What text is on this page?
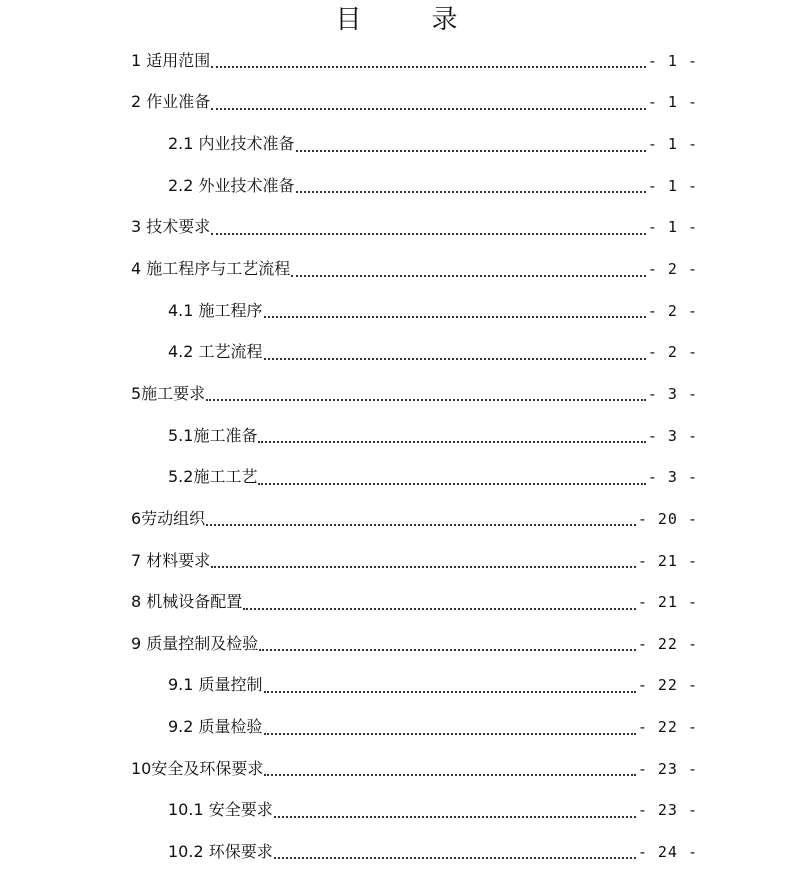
目　录
1 适用范围	- 1 -
2 作业准备	- 1 -
2.1 内业技术准备	- 1 -
2.2 外业技术准备	- 1 -
3 技术要求	- 1 -
4 施工程序与工艺流程	- 2 -
4.1 施工程序	- 2 -
4.2 工艺流程	- 2 -
5施工要求	- 3 -
5.1施工准备	- 3 -
5.2施工工艺	- 3 -
6劳动组织	- 20 -
7 材料要求	- 21 -
8 机械设备配置	- 21 -
9 质量控制及检验	- 22 -
9.1 质量控制	- 22 -
9.2 质量检验	- 22 -
10安全及环保要求	- 23 -
10.1 安全要求	- 23 -
10.2 环保要求	- 24 -
